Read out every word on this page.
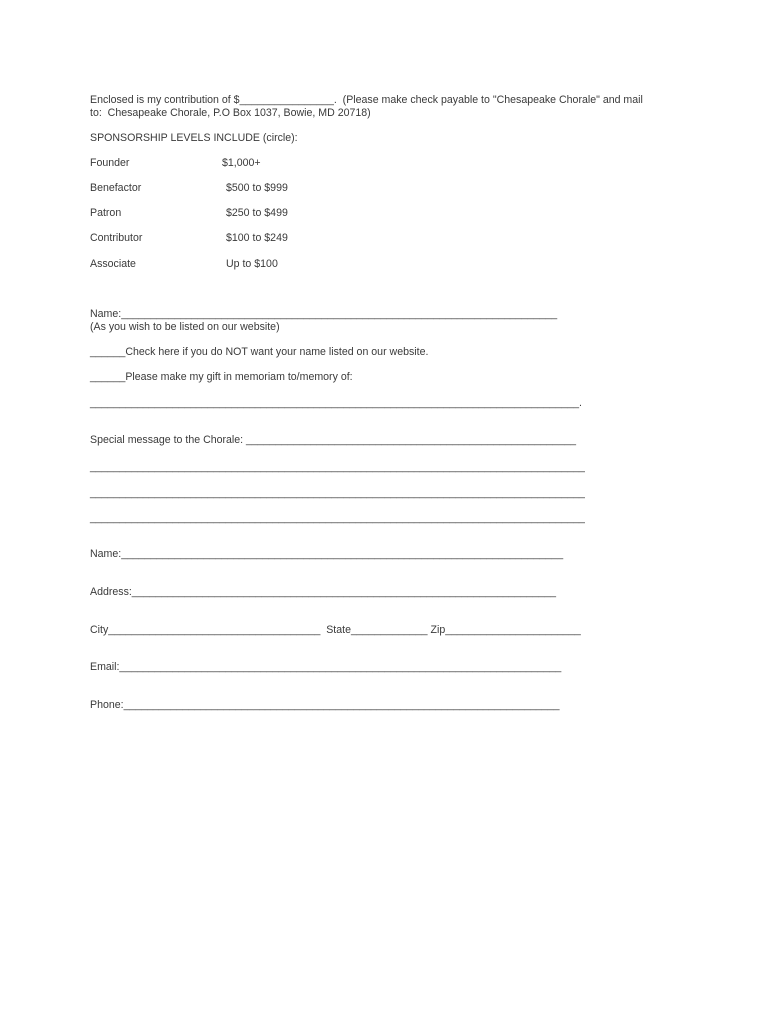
Enclosed is my contribution of $________________.  (Please make check payable to "Chesapeake Chorale" and mail
to:  Chesapeake Chorale, P.O Box 1037, Bowie, MD 20718)
SPONSORSHIP LEVELS INCLUDE (circle):
Founder	$1,000+
Benefactor	$500 to $999
Patron	$250 to $499
Contributor	$100 to $249
Associate	Up to $100
Name:__________________________________________________________________________
(As you wish to be listed on our website)
______Check here if you do NOT want your name listed on our website.
______Please make my gift in memoriam to/memory of:
___________________________________________________________________________________.
Special message to the Chorale: ________________________________________________________
____________________________________________________________________________________
____________________________________________________________________________________
____________________________________________________________________________________
Name:___________________________________________________________________________
Address:________________________________________________________________________
City____________________________________  State_____________ Zip_______________________
Email:___________________________________________________________________________
Phone:__________________________________________________________________________
